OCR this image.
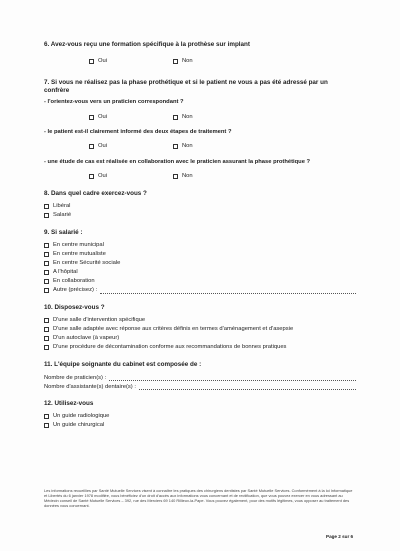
6. Avez-vous reçu une formation spécifique à la prothèse sur implant
Oui	Non
7. Si vous ne réalisez pas la phase prothétique et si le patient ne vous a pas été adressé par un
confrère
- l'orientez-vous vers un praticien correspondant ?
Oui	Non
- le patient est-il clairement informé des deux étapes de traitement ?
Oui	Non
- une étude de cas est réalisée en collaboration avec le praticien assurant la phase prothétique ?
Oui	Non
8. Dans quel cadre exercez-vous ?
Libéral
Salarié
9. Si salarié :
En centre municipal
En centre mutualiste
En centre Sécurité sociale
A l'hôpital
En collaboration
Autre (précisez) :
10. Disposez-vous ?
D'une salle d'intervention spécifique
D'une salle adaptée avec réponse aux critères définis en termes d'aménagement et d'asepsie
D'un autoclave (à vapeur)
D'une procédure de décontamination conforme aux recommandations de bonnes pratiques
11. L'équipe soignante du cabinet est composée de :
Nombre de praticien(s) :
Nombre d'assistante(s) dentaire(s) :
12. Utilisez-vous
Un guide radiologique
Un guide chirurgical
Les informations recueillies par Santé Mutuelle Services visent à connaître les pratiques des chirurgiens dentistes par Santé Mutuelle Services. Conformément à la loi Informatique et Libertés du 6 janvier 1978 modifiée, vous bénéficiez d'un droit d'accès aux informations vous concernant et de rectification, que vous pouvez exercer en vous adressant au Médecin conseil de Santé Mutuelle Services – 392, rue des Merciers 69 140 Rillieux-la-Pape. Vous pouvez également, pour des motifs légitimes, vous opposer au traitement des données vous concernant.
Page 2 sur 6
